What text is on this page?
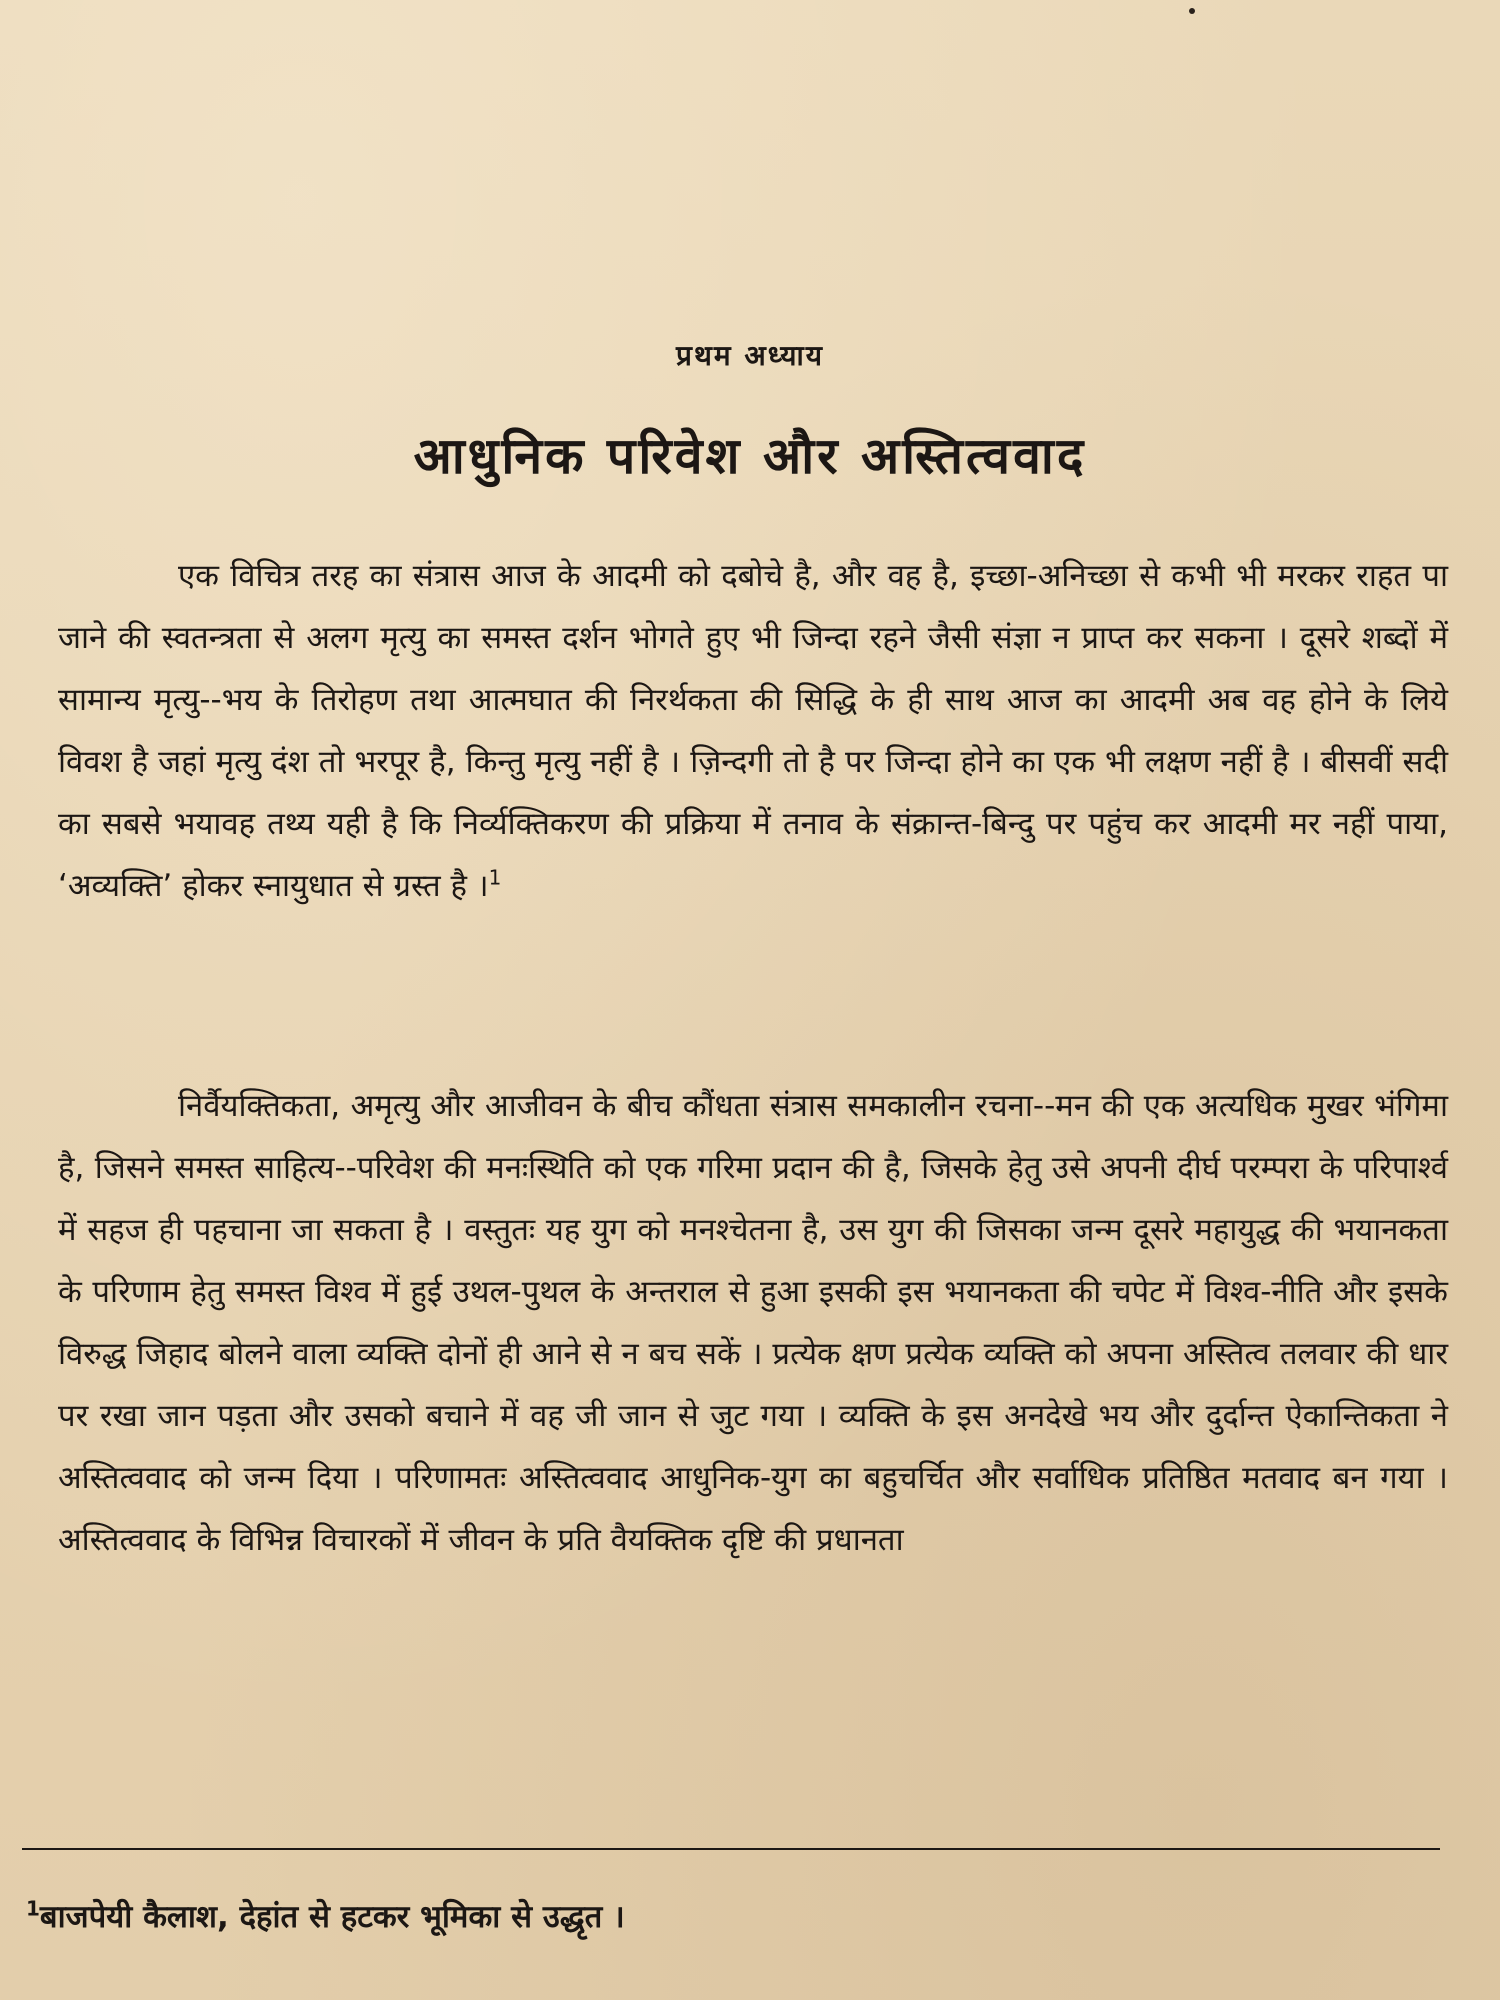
प्रथम अध्याय
आधुनिक परिवेश और अस्तित्ववाद

एक विचित्र तरह का संत्रास आज के आदमी को दबोचे है, और वह है, इच्छा-अनिच्छा से कभी भी मरकर राहत पा जाने की स्वतन्त्रता से अलग मृत्यु का समस्त दर्शन भोगते हुए भी जिन्दा रहने जैसी संज्ञा न प्राप्त कर सकना । दूसरे शब्दों में सामान्य मृत्यु--भय के तिरोहण तथा आत्मघात की निरर्थकता की सिद्धि के ही साथ आज का आदमी अब वह होने के लिये विवश है जहां मृत्यु दंश तो भरपूर है, किन्तु मृत्यु नहीं है । ज़िन्दगी तो है पर जिन्दा होने का एक भी लक्षण नहीं है । बीसवीं सदी का सबसे भयावह तथ्य यही है कि निर्व्यक्तिकरण की प्रक्रिया में तनाव के संक्रान्त-बिन्दु पर पहुंच कर आदमी मर नहीं पाया, ‘अव्यक्ति’ होकर स्नायुधात से ग्रस्त है ।$^1$

निर्वैयक्तिकता, अमृत्यु और आजीवन के बीच कौंधता संत्रास समकालीन रचना--मन की एक अत्यधिक मुखर भंगिमा है, जिसने समस्त साहित्य--परिवेश की मनःस्थिति को एक गरिमा प्रदान की है, जिसके हेतु उसे अपनी दीर्घ परम्परा के परिपार्श्व में सहज ही पहचाना जा सकता है । वस्तुतः यह युग को मनश्चेतना है, उस युग की जिसका जन्म दूसरे महायुद्ध की भयानकता के परिणाम हेतु समस्त विश्व में हुई उथल-पुथल के अन्तराल से हुआ इसकी इस भयानकता की चपेट में विश्व-नीति और इसके विरुद्ध जिहाद बोलने वाला व्यक्ति दोनों ही आने से न बच सकें । प्रत्येक क्षण प्रत्येक व्यक्ति को अपना अस्तित्व तलवार की धार पर रखा जान पड़ता और उसको बचाने में वह जी जान से जुट गया । व्यक्ति के इस अनदेखे भय और दुर्दान्त ऐकान्तिकता ने अस्तित्ववाद को जन्म दिया । परिणामतः अस्तित्ववाद आधुनिक-युग का बहुचर्चित और सर्वाधिक प्रतिष्ठित मतवाद बन गया । अस्तित्ववाद के विभिन्न विचारकों में जीवन के प्रति वैयक्तिक दृष्टि की प्रधानता

$^1$बाजपेयी कैलाश, देहांत से हटकर भूमिका से उद्धृत ।
